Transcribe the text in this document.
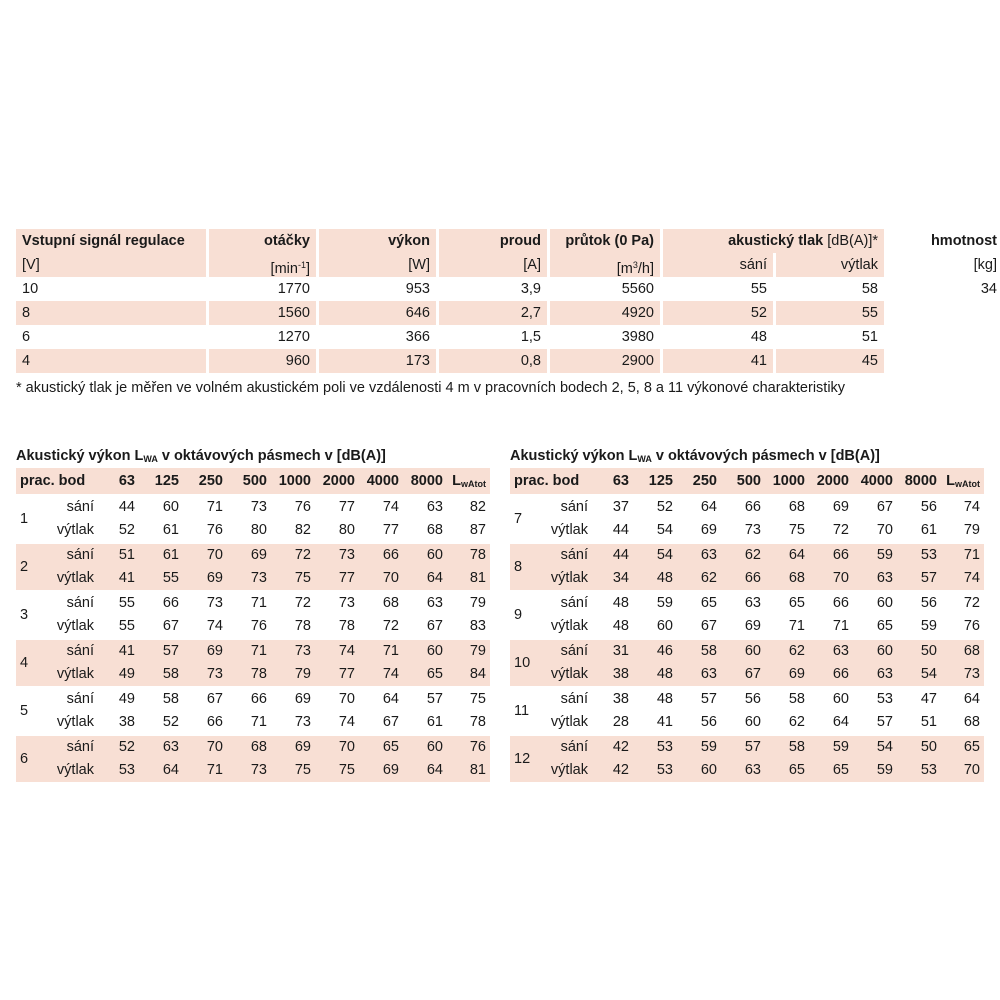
Vstupní signál regulace	otáčky	výkon	proud	průtok (0 Pa)	akustický tlak [dB(A)]*	hmotnost
[V]	$[\min^{-1}]$	[W]	[A]	$[m^3/h]$	sání	výtlak	[kg]
10	1770	953	3,9	5560	55	58	34
8	1560	646	2,7	4920	52	55
6	1270	366	1,5	3980	48	51
4	960	173	0,8	2900	41	45
* akustický tlak je měřen ve volném akustickém poli ve vzdálenosti 4 m v pracovních bodech 2, 5, 8 a 11 výkonové charakteristiky
Akustický výkon $L_{WA}$ v oktávových pásmech v [dB(A)]
prac. bod	63	125	250	500 1000 2000 4000 8000 $L_{wAtot}$
1
sání	44	60	71	73	76	77	74	63	82
výtlak	52	61	76	80	82	80	77	68	87
2
sání	51	61	70	69	72	73	66	60	78
výtlak	41	55	69	73	75	77	70	64	81
3
sání	55	66	73	71	72	73	68	63	79
výtlak	55	67	74	76	78	78	72	67	83
4
sání	41	57	69	71	73	74	71	60	79
výtlak	49	58	73	78	79	77	74	65	84
5
sání	49	58	67	66	69	70	64	57	75
výtlak	38	52	66	71	73	74	67	61	78
6
sání	52	63	70	68	69	70	65	60	76
výtlak	53	64	71	73	75	75	69	64	81
Akustický výkon $L_{WA}$ v oktávových pásmech v [dB(A)]
prac. bod	63	125	250	500 1000 2000 4000 8000 $L_{wAtot}$
7
sání	37	52	64	66	68	69	67	56	74
výtlak	44	54	69	73	75	72	70	61	79
8
sání	44	54	63	62	64	66	59	53	71
výtlak	34	48	62	66	68	70	63	57	74
9
sání	48	59	65	63	65	66	60	56	72
výtlak	48	60	67	69	71	71	65	59	76
10
sání	31	46	58	60	62	63	60	50	68
výtlak	38	48	63	67	69	66	63	54	73
11
sání	38	48	57	56	58	60	53	47	64
výtlak	28	41	56	60	62	64	57	51	68
12
sání	42	53	59	57	58	59	54	50	65
výtlak	42	53	60	63	65	65	59	53	70
